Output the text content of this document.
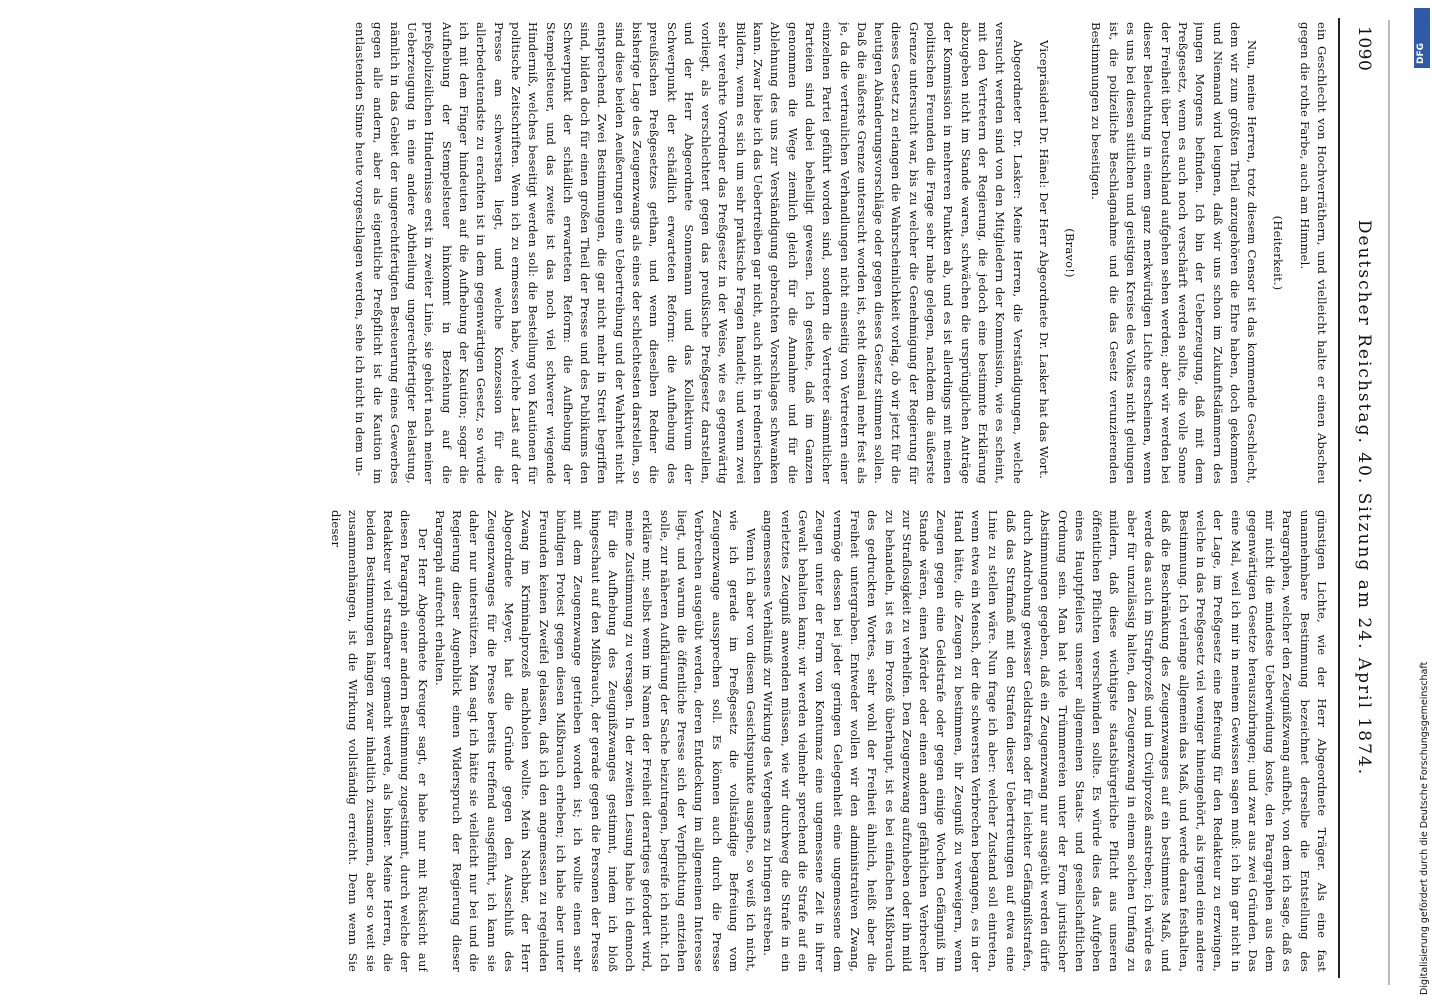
1090
Deutscher Reichstag. 40. Sitzung am 24. April 1874.

ein Geschlecht von Hochverräthern, und vielleicht halte er einen Abscheu gegen die rothe Farbe, auch am Himmel.

(Heiterkeit.)

Nun, meine Herren, trotz diesem Censor ist das kommende Geschlecht, dem wir zum größten Theil anzugehören die Ehre haben, doch gekommen und Niemand wird leugnen, daß wir uns schon im Zukunftsdämmern des jungen Morgens befinden. Ich bin der Ueberzeugung, daß mit dem Preßgesetz, wenn es auch noch verschärft werden sollte, die volle Sonne der Freiheit über Deutschland aufgehen sehen werden; aber wir werden bei dieser Beleuchtung in einem ganz merkwürdigen Lichte erscheinen, wenn es uns bei diesen sittlichen und geistigen Kreise des Volkes nicht gelungen ist, die polizeiliche Beschlagnahme und die das Gesetz verunzierenden Bestimmungen zu beseitigen.

(Bravo!)

Vicepräsident Dr. Hänel: Der Herr Abgeordnete Dr. Lasker hat das Wort.

Abgeordneter Dr. Lasker: Meine Herren, die Verständigungen, welche versucht werden sind von den Mitgliedern der Kommission, wie es scheint, mit den Vertretern der Regierung, die jedoch eine bestimmte Erklärung abzugeben nicht im Stande waren, schwächen die ursprünglichen Anträge der Kommission in mehreren Punkten ab, und es ist allerdings mit meinen politischen Freunden die Frage sehr nahe gelegen, nachdem die äußerste Grenze untersucht war, bis zu welcher die Genehmigung der Regierung für dieses Gesetz zu erlangen die Wahrscheinlichkeit vorlag, ob wir jetzt für die heutigen Abänderungsvorschläge oder gegen dieses Gesetz stimmen sollen. Daß die äußerste Grenze untersucht worden ist, steht diesmal mehr fest als je, da die vertraulichen Verhandlungen nicht einseitig von Vertretern einer einzelnen Partei geführt worden sind, sondern die Vertreter sämmtlicher Parteien sind dabei behelligt gewesen. Ich gestehe, daß im Ganzen genommen die Wege ziemlich gleich für die Annahme und für die Ablehnung des uns zur Verständigung gebrachten Vorschlages schwanken kann. Zwar liebe ich das Uebertreiben gar nicht, auch nicht in rednerischen Bildern, wenn es sich um sehr praktische Fragen handelt; und wenn zwei sehr verehrte Vorredner das Preßgesetz in der Weise, wie es gegenwärtig vorliegt, als verschlechtert gegen das preußische Preßgesetz darstellen, und der Herr Abgeordnete Sonnemann und das Kollektivum der Schwerpunkt der schädlich erwarteten Reform: die Aufhebung des preußischen Preßgesetzes gethan, und wenn dieselben Redner die bisherige Lage des Zeugenzwangs als eines der schlechtesten darstellen, so sind diese beiden Aeußerungen eine Uebertreibung und der Wahrheit nicht entsprechend. Zwei Bestimmungen, die gar nicht mehr in Streit begriffen sind, bilden doch für einen großen Theil der Presse und des Publikums den Schwerpunkt der schädlich erwarteten Reform: die Aufhebung der Stempelsteuer, und das zweite ist das noch viel schwerer wiegende Hinderniß, welches beseitigt werden soll: die Bestellung von Kautionen für politische Zeitschriften. Wenn ich zu ermessen habe, welche Last auf der Presse am schwersten liegt, und welche Konzession für die allerbedeutendste zu erachten ist in dem gegenwärtigen Gesetz, so würde ich mit dem Finger hindeuten auf die Aufhebung der Kaution; sogar die Aufhebung der Stempelsteuer hinkommt in Beziehung auf die preßpolizeilichen Hindernisse erst in zweiter Linie, sie gehört nach meiner Ueberzeugung in eine andere Abtheilung ungerechtfertigter Belastung, nämlich in das Gebiet der ungerechtfertigten Besteuerung eines Gewerbes gegen alle andern, aber als eigentliche Preßpflicht ist die Kaution im entlastenden Sinne heute vorgeschlagen werden, sehe ich nicht in dem un-

günstigen Lichte, wie der Herr Abgeordnete Träger. Als eine fast unannehmbare Bestimmung bezeichnet derselbe die Entstellung des Paragraphen, welcher den Zeugnißzwang aufhebt, von dem ich sage, daß es mir nicht die mindeste Ueberwindung koste, den Paragraphen aus dem gegenwärtigen Gesetze herauszubringen; und zwar aus zwei Gründen. Das eine Mal, weil ich mir in meinem Gewissen sagen muß: ich bin gar nicht in der Lage, im Preßgesetz eine Befreiung für den Redakteur zu erzwingen, welche in das Preßgesetz viel weniger hineingehört, als irgend eine andere Bestimmung. Ich verlange allgemein das Maß, und werde daran festhalten, daß die Beschränkung des Zeugenzwanges auf ein bestimmtes Maß, und werde das auch im Strafprozeß und im Civilprozeß anstreben; ich würde es aber für unzulässig halten, den Zeugenzwang in einem solchen Umfang zu mildern, daß diese wichtigste staatsbürgerliche Pflicht aus unseren öffentlichen Pflichten verschwinden sollte. Es würde dies das Aufgeben eines Hauptpfeilers unserer allgemeinen Staats- und gesellschaftlichen Ordnung sein. Man hat viele Trümmereien unter der Form juristischer Abstimmungen gegeben, daß ein Zeugenzwang nur ausgeübt werden dürfe durch Androhung gewisser Geldstrafen oder für leichter Gefängnißstrafen, daß das Strafmaß mit den Strafen dieser Uebertretungen auf etwa eine Linie zu stellen wäre. Nun frage ich aber: welcher Zustand soll eintreten, wenn etwa ein Mensch, der die schwersten Verbrechen begangen, es in der Hand hätte, die Zeugen zu bestimmen, ihr Zeugniß zu verweigern, wenn Zeugen gegen eine Geldstrafe oder gegen einige Wochen Gefängniß im Stande wären, einen Mörder oder einen andern gefährlichen Verbrecher zur Straflosigkeit zu verhelfen. Den Zeugenzwang aufzuheben oder ihn mild zu behandeln, ist es im Prozeß überhaupt, ist es bei einfachen Mißbrauch des gedruckten Wortes, sehr wohl der Freiheit ähnlich, heißt aber die Freiheit untergraben. Entweder wollen wir den administrativen Zwang, vermöge dessen bei jeder geringen Gelegenheit eine ungemessene dem Zeugen unter der Form von Kontumaz eine ungemessene Zeit in ihrer Gewalt behalten kann; wir werden vielmehr sprechend die Strafe auf ein verletztes Zeugniß anwenden müssen, wie wir durchweg die Strafe in ein angemessenes Verhältniß zur Wirkung des Vergehens zu bringen streben.

Wenn ich aber von diesem Gesichtspunkte ausgehe, so weiß ich nicht, wie ich gerade im Preßgesetz die vollständige Befreiung vom Zeugenzwange aussprechen soll. Es können auch durch die Presse Verbrechen ausgeübt werden, deren Entdeckung im allgemeinen Interesse liegt, und warum die öffentliche Presse sich der Verpflichtung entziehen solle, zur näheren Aufklärung der Sache beizutragen, begreife ich nicht. Ich erkläre mir, selbst wenn im Namen der Freiheit derartiges gefordert wird, meine Zustimmung zu versagen. In der zweiten Lesung habe ich dennoch für die Aufhebung des Zeugnißzwanges gestimmt, indem ich bloß hingeschaut auf den Mißbrauch, der gerade gegen die Personen der Presse mit dem Zeugenzwange getrieben worden ist; ich wollte einen sehr bündigen Protest gegen diesen Mißbrauch erheben; ich habe aber unter Freunden keinen Zweifel gelassen, daß ich den angemessen zu regelnden Zwang im Kriminalprozeß nachholen wollte. Mein Nachbar, der Herr Abgeordnete Meyer, hat die Gründe gegen den Ausschluß des Zeugenzwanges für die Presse bereits treffend ausgeführt, ich kann sie daher nur unterstützen. Man sagt ich hätte sie vielleicht nur bei und die Regierung dieser Augenblick einen Widerspruch der Regierung dieser Paragraph aufrecht erhalten.

Der Herr Abgeordnete Kreuger sagt, er habe nur mit Rücksicht auf diesen Paragraph einer andern Bestimmung zugestimmt, durch welche der Redakteur viel strafbarer gemacht werde, als bisher. Meine Herren, die beiden Bestimmungen hängen zwar inhaltlich zusammen, aber so weit sie zusammenhängen, ist die Wirkung vollständig erreicht. Denn wenn Sie dieser

DFG
Digitalisierung gefördert durch die Deutsche Forschungsgemeinschaft
